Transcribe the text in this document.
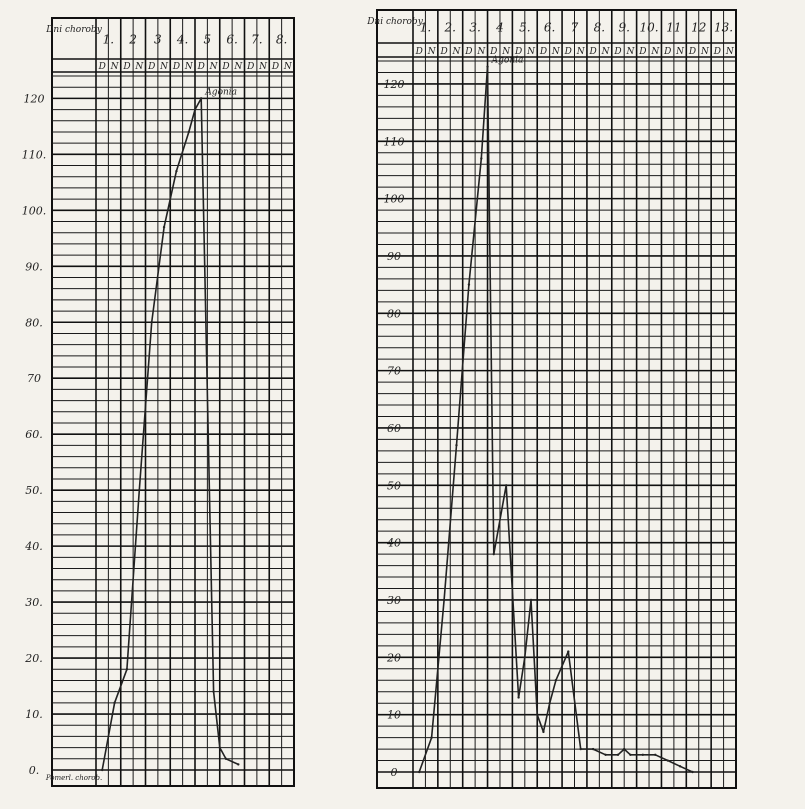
Dni choroby
1.
D N
2
D N
3
D N
4.
D N
5
D N
6.
D N
7.
D N
8.
D N
120
110.
100.
90.
80.
70
60.
50.
40.
30.
20.
10.
0.
Agonia
Pomerl. chorob.
Dni choroby
1.
D N
2.
D N
3.
D N
4
D N
5.
D N
6.
D N
7
D N
8.
D N
9.
D N
10.
D N
11
D N
12
D N
13.
D N
120
110
100
90
80
70
60
50
40
30
20
10
0
Agonia
